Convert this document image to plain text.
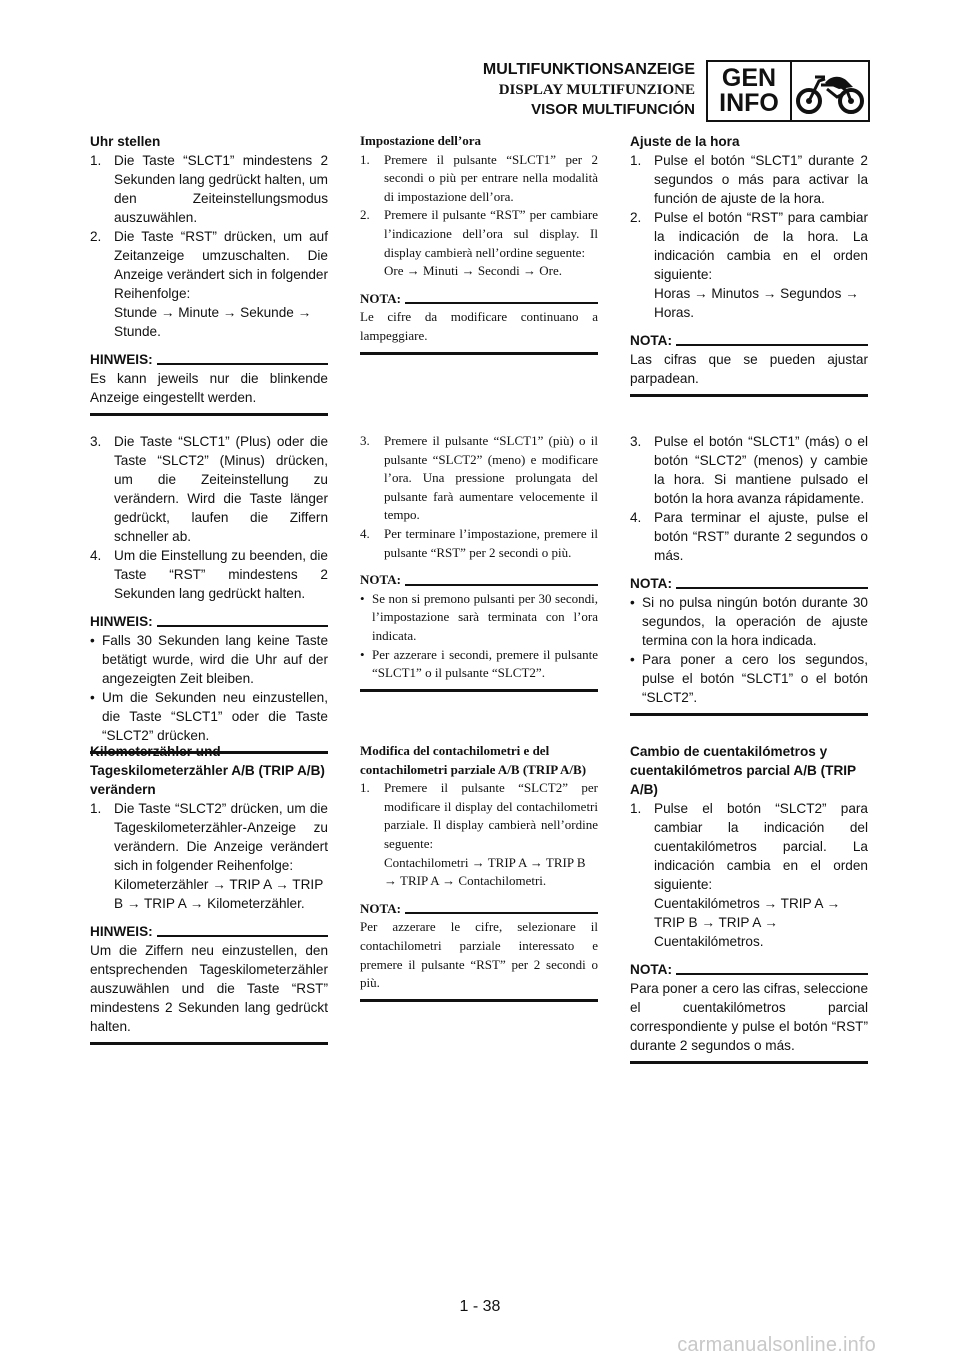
MULTIFUNKTIONSANZEIGE
DISPLAY MULTIFUNZIONE
VISOR MULTIFUNCIÓN
GEN
INFO

Uhr stellen

1. Die Taste “SLCT1” mindestens 2 Sekunden lang gedrückt halten, um den Zeiteinstellungsmodus auszuwählen.
2. Die Taste “RST” drücken, um auf Zeitanzeige umzuschalten. Die Anzeige verändert sich in folgender Reihenfolge:

Stunde → Minute → Sekunde → Stunde.

HINWEIS:

Es kann jeweils nur die blinkende Anzeige eingestellt werden.

3. Die Taste “SLCT1” (Plus) oder die Taste “SLCT2” (Minus) drücken, um die Zeiteinstellung zu verändern. Wird die Taste länger gedrückt, laufen die Ziffern schneller ab.
4. Um die Einstellung zu beenden, die Taste “RST” mindestens 2 Sekunden lang gedrückt halten.
HINWEIS:
• Falls 30 Sekunden lang keine Taste betätigt wurde, wird die Uhr auf der angezeigten Zeit bleiben.
• Um die Sekunden neu einzustellen, die Taste “SLCT1” oder die Taste “SLCT2” drücken.

Kilometerzähler und Tageskilometerzähler A/B (TRIP A/B) verändern

1. Die Taste “SLCT2” drücken, um die Tageskilometerzähler-Anzeige zu verändern. Die Anzeige verändert sich in folgender Reihenfolge:

Kilometerzähler → TRIP A → TRIP B → TRIP A → Kilometerzähler.

HINWEIS:

Um die Ziffern neu einzustellen, den entsprechenden Tageskilometerzähler auszuwählen und die Taste “RST” mindestens 2 Sekunden lang gedrückt halten.

Impostazione dell’ora

1.	Premere il pulsante “SLCT1” per 2 secondi o più per entrare nella modalità di impostazione dell’ora.
2.	Premere il pulsante “RST” per cambiare l’indicazione dell’ora sul display. Il display cambierà nell’ordine seguente:

Ore → Minuti → Secondi → Ore.

NOTA:

Le cifre da modificare continuano a lampeggiare.

3.	Premere il pulsante “SLCT1” (più) o il pulsante “SLCT2” (meno) e modificare l’ora. Una pressione prolungata del pulsante farà aumentare velocemente il tempo.
4.	Per terminare l’impostazione, premere il pulsante “RST” per 2 secondi o più.
NOTA:
• Se non si premono pulsanti per 30 secondi, l’impostazione sarà terminata con l’ora indicata.
• Per azzerare i secondi, premere il pulsante “SLCT1” o il pulsante “SLCT2”.

Modifica del contachilometri e del contachilometri parziale A/B (TRIP A/B)

1.	Premere il pulsante “SLCT2” per modificare il display del contachilometri parziale. Il display cambierà nell’ordine seguente:

Contachilometri → TRIP A → TRIP B → TRIP A → Contachilometri.

NOTA:

Per azzerare le cifre, selezionare il contachilometri parziale interessato e premere il pulsante “RST” per 2 secondi o più.

Ajuste de la hora

1. Pulse el botón “SLCT1” durante 2 segundos o más para activar la función de ajuste de la hora.
2. Pulse el botón “RST” para cambiar la indicación de la hora. La indicación cambia en el orden siguiente:

Horas → Minutos → Segundos → Horas.

NOTA:

Las cifras que se pueden ajustar parpadean.

3. Pulse el botón “SLCT1” (más) o el botón “SLCT2” (menos) y cambie la hora. Si mantiene pulsado el botón la hora avanza rápidamente.
4. Para terminar el ajuste, pulse el botón “RST” durante 2 segundos o más.
NOTA:
• Si no pulsa ningún botón durante 30 segundos, la operación de ajuste termina con la hora indicada.
• Para poner a cero los segundos, pulse el botón “SLCT1” o el botón “SLCT2”.

Cambio de cuentakilómetros y cuentakilómetros parcial A/B (TRIP A/B)

1. Pulse el botón “SLCT2” para cambiar la indicación del cuentakilómetros parcial. La indicación cambia en el orden siguiente:

Cuentakilómetros → TRIP A → TRIP B → TRIP A → Cuentakilómetros.

NOTA:

Para poner a cero las cifras, seleccione el cuentakilómetros parcial correspondiente y pulse el botón “RST” durante 2 segundos o más.

1 - 38
carmanualsonline.info
